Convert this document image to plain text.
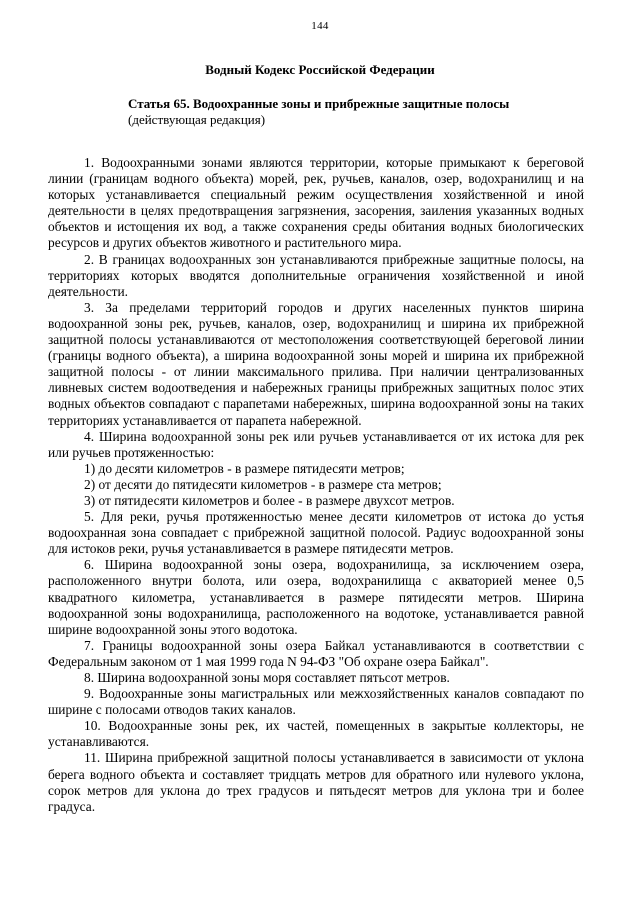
144
Водный Кодекс Российской Федерации
Статья 65. Водоохранные зоны и прибрежные защитные полосы
(действующая редакция)

1. Водоохранными зонами являются территории, которые примыкают к береговой линии (границам водного объекта) морей, рек, ручьев, каналов, озер, водохранилищ и на которых устанавливается специальный режим осуществления хозяйственной и иной деятельности в целях предотвращения загрязнения, засорения, заиления указанных водных объектов и истощения их вод, а также сохранения среды обитания водных биологических ресурсов и других объектов животного и растительного мира.

2. В границах водоохранных зон устанавливаются прибрежные защитные полосы, на территориях которых вводятся дополнительные ограничения хозяйственной и иной деятельности.

3. За пределами территорий городов и других населенных пунктов ширина водоохранной зоны рек, ручьев, каналов, озер, водохранилищ и ширина их прибрежной защитной полосы устанавливаются от местоположения соответствующей береговой линии (границы водного объекта), а ширина водоохранной зоны морей и ширина их прибрежной защитной полосы - от линии максимального прилива. При наличии централизованных ливневых систем водоотведения и набережных границы прибрежных защитных полос этих водных объектов совпадают с парапетами набережных, ширина водоохранной зоны на таких территориях устанавливается от парапета набережной.

4. Ширина водоохранной зоны рек или ручьев устанавливается от их истока для рек или ручьев протяженностью:

1) до десяти километров - в размере пятидесяти метров;

2) от десяти до пятидесяти километров - в размере ста метров;

3) от пятидесяти километров и более - в размере двухсот метров.

5. Для реки, ручья протяженностью менее десяти километров от истока до устья водоохранная зона совпадает с прибрежной защитной полосой. Радиус водоохранной зоны для истоков реки, ручья устанавливается в размере пятидесяти метров.

6. Ширина водоохранной зоны озера, водохранилища, за исключением озера, расположенного внутри болота, или озера, водохранилища с акваторией менее 0,5 квадратного километра, устанавливается в размере пятидесяти метров. Ширина водоохранной зоны водохранилища, расположенного на водотоке, устанавливается равной ширине водоохранной зоны этого водотока.

7. Границы водоохранной зоны озера Байкал устанавливаются в соответствии с Федеральным законом от 1 мая 1999 года N 94-ФЗ "Об охране озера Байкал".

8. Ширина водоохранной зоны моря составляет пятьсот метров.

9. Водоохранные зоны магистральных или межхозяйственных каналов совпадают по ширине с полосами отводов таких каналов.

10. Водоохранные зоны рек, их частей, помещенных в закрытые коллекторы, не устанавливаются.

11. Ширина прибрежной защитной полосы устанавливается в зависимости от уклона берега водного объекта и составляет тридцать метров для обратного или нулевого уклона, сорок метров для уклона до трех градусов и пятьдесят метров для уклона три и более градуса.
